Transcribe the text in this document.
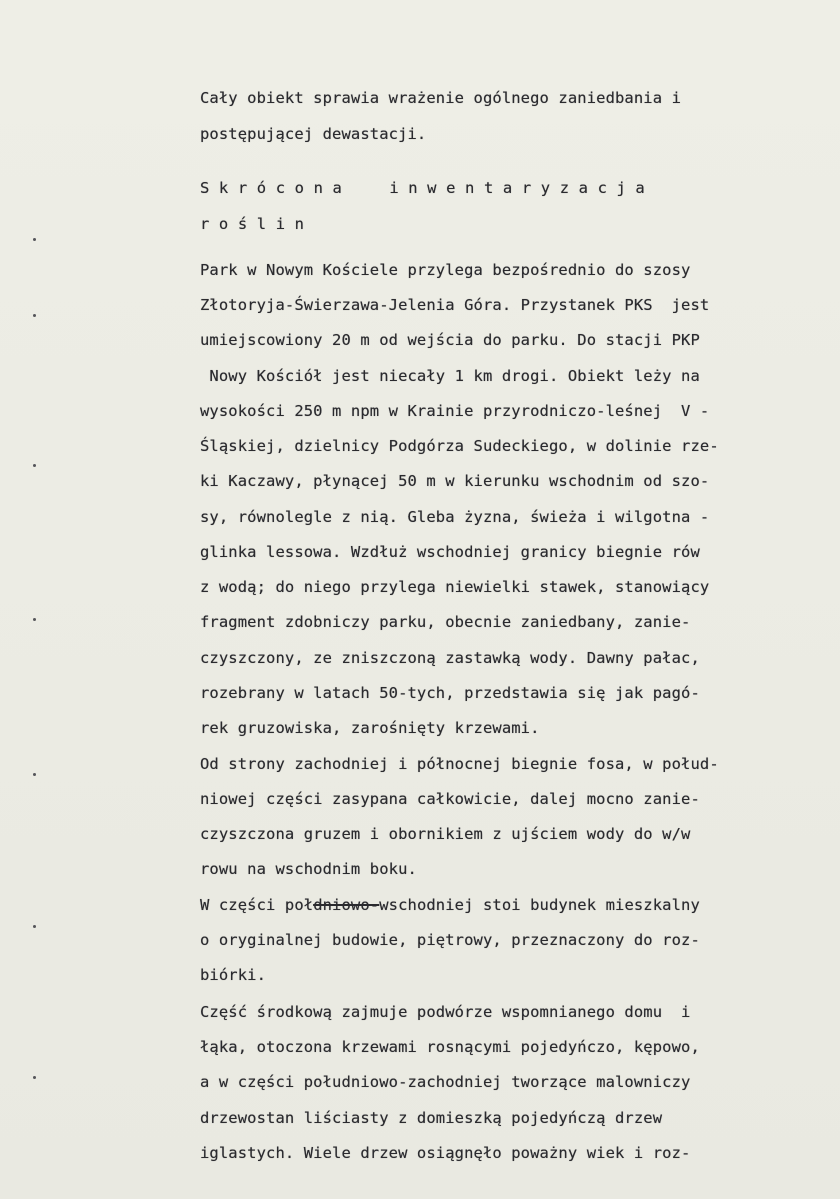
Cały obiekt sprawia wrażenie ogólnego zaniedbania i
postępującej dewastacji.
Skrócona  inwentaryzacja
roślin
Park w Nowym Kościele przylega bezpośrednio do szosy
Złotoryja-Świerzawa-Jelenia Góra. Przystanek PKS  jest
umiejscowiony 20 m od wejścia do parku. Do stacji PKP
Nowy Kościół jest niecały 1 km drogi. Obiekt leży na
wysokości 250 m npm w Krainie przyrodniczo-leśnej  V -
Śląskiej, dzielnicy Podgórza Sudeckiego, w dolinie rze-
ki Kaczawy, płynącej 50 m w kierunku wschodnim od szo-
sy, równolegle z nią. Gleba żyzna, świeża i wilgotna -
glinka lessowa. Wzdłuż wschodniej granicy biegnie rów
z wodą; do niego przylega niewielki stawek, stanowiący
fragment zdobniczy parku, obecnie zaniedbany, zanie-
czyszczony, ze zniszczoną zastawką wody. Dawny pałac,
rozebrany w latach 50-tych, przedstawia się jak pagó-
rek gruzowiska, zarośnięty krzewami.
Od strony zachodniej i północnej biegnie fosa, w połud-
niowej części zasypana całkowicie, dalej mocno zanie-
czyszczona gruzem i obornikiem z ujściem wody do w/w
rowu na wschodnim boku.
W części połdniowo-wschodniej stoi budynek mieszkalny
o oryginalnej budowie, piętrowy, przeznaczony do roz-
biórki.
Część środkową zajmuje podwórze wspomnianego domu  i
łąka, otoczona krzewami rosnącymi pojedyńczo, kępowo,
a w części południowo-zachodniej tworzące malowniczy
drzewostan liściasty z domieszką pojedyńczą drzew
iglastych. Wiele drzew osiągnęło poważny wiek i roz-
